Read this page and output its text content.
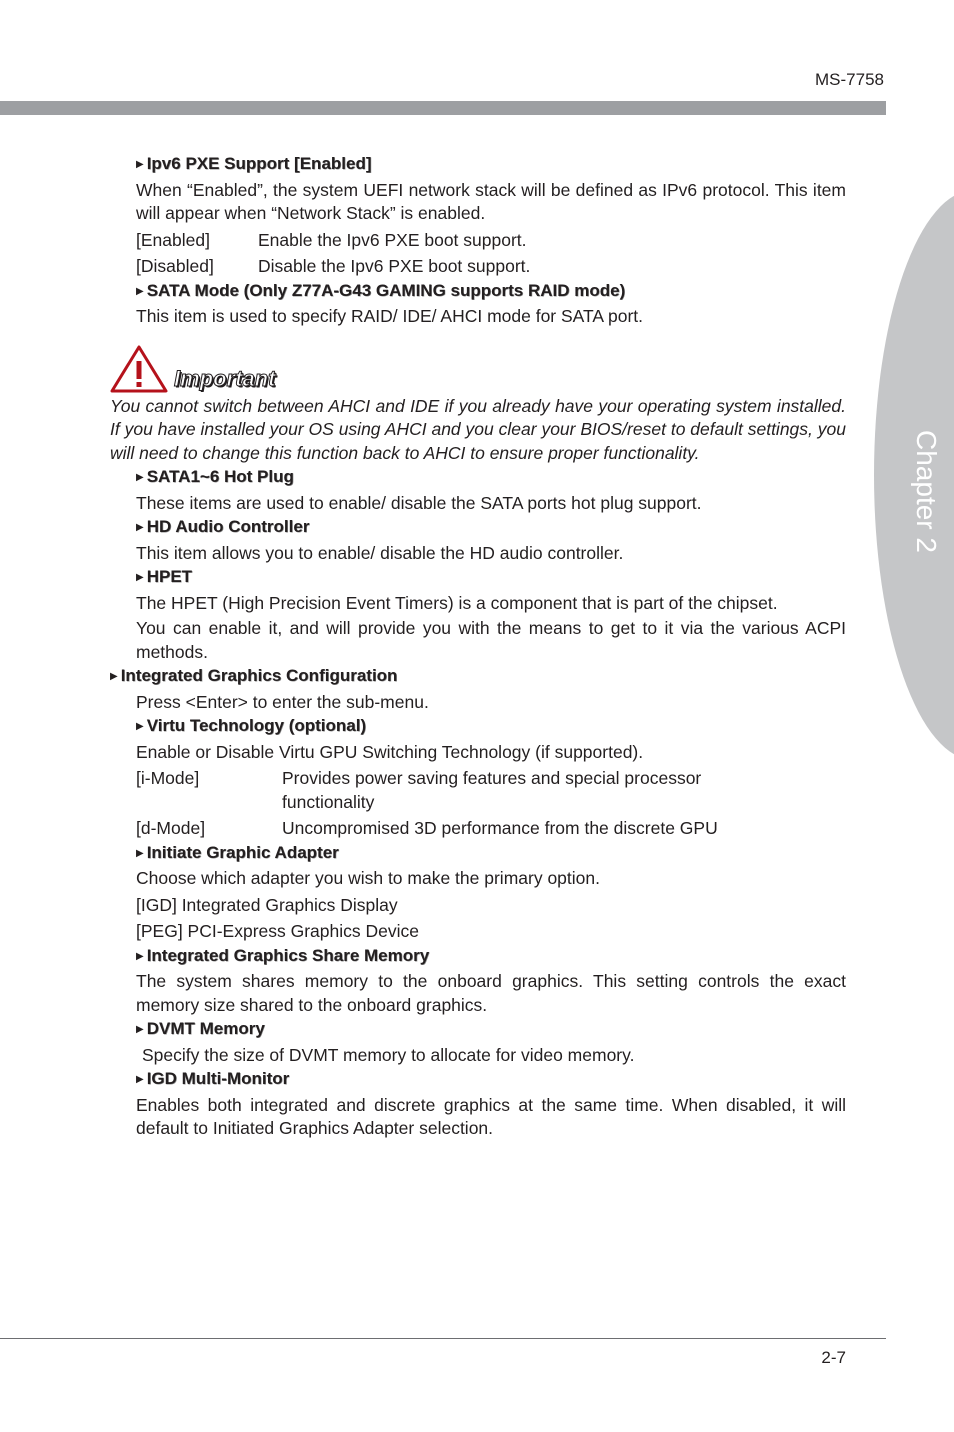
MS-7758
Chapter 2
▶ Ipv6 PXE Support [Enabled]
When “Enabled”, the system UEFI network stack will be defined as IPv6 protocol. This item will appear when “Network Stack” is enabled.
[Enabled]	Enable the Ipv6 PXE boot support.
[Disabled]	Disable the Ipv6 PXE boot support.
▶ SATA Mode (Only Z77A-G43 GAMING supports RAID mode)
This item is used to specify RAID/ IDE/ AHCI mode for SATA port.
Important
You cannot switch between AHCI and IDE if you already have your operating system installed. If you have installed your OS using AHCI and you clear your BIOS/reset to default settings, you will need to change this function back to AHCI to ensure proper functionality.
▶ SATA1~6 Hot Plug
These items are used to enable/ disable the SATA ports hot plug support.
▶ HD Audio Controller
This item allows you to enable/ disable the HD audio controller.
▶ HPET
The HPET (High Precision Event Timers) is a component that is part of the chipset.
You can enable it, and will provide you with the means to get to it via the various ACPI methods.
▶ Integrated Graphics Configuration
Press <Enter> to enter the sub-menu.
▶ Virtu Technology (optional)
Enable or Disable Virtu GPU Switching Technology (if supported).
[i-Mode]	Provides power saving features and special processor functionality
[d-Mode]	Uncompromised 3D performance from the discrete GPU
▶ Initiate Graphic Adapter
Choose which adapter you wish to make the primary option.
[IGD] Integrated Graphics Display
[PEG] PCI-Express Graphics Device
▶ Integrated Graphics Share Memory
The system shares memory to the onboard graphics. This setting controls the exact memory size shared to the onboard graphics.
▶ DVMT Memory
Specify the size of DVMT memory to allocate for video memory.
▶ IGD Multi-Monitor
Enables both integrated and discrete graphics at the same time. When disabled, it will default to Initiated Graphics Adapter selection.
2-7
